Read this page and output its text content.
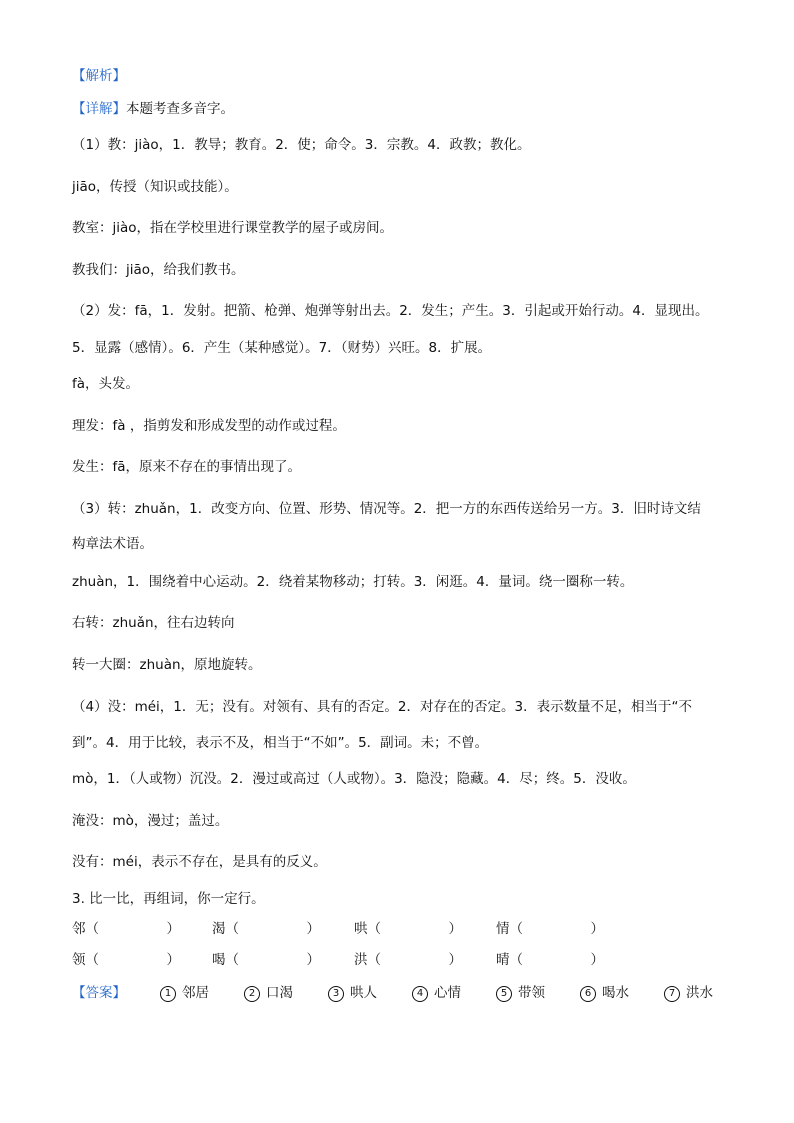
【解析】
【详解】本题考查多音字。
（1）教：jiào，1．教导；教育。2．使；命令。3．宗教。4．政教；教化。
jiāo，传授（知识或技能）。
教室：jiào，指在学校里进行课堂教学的屋子或房间。
教我们：jiāo，给我们教书。
（2）发：fā，1．发射。把箭、枪弹、炮弹等射出去。2．发生；产生。3．引起或开始行动。4．显现出。
5．显露（感情）。6．产生（某种感觉）。7．（财势）兴旺。8．扩展。
fà，头发。
理发：fà ，指剪发和形成发型的动作或过程。
发生：fā，原来不存在的事情出现了。
（3）转：zhuǎn，1．改变方向、位置、形势、情况等。2．把一方的东西传送给另一方。3．旧时诗文结
构章法术语。
zhuàn，1．围绕着中心运动。2．绕着某物移动；打转。3．闲逛。4．量词。绕一圈称一转。
右转：zhuǎn，往右边转向
转一大圈：zhuàn，原地旋转。
（4）没：méi，1．无；没有。对领有、具有的否定。2．对存在的否定。3．表示数量不足，相当于“不
到”。4．用于比较，表示不及，相当于“不如”。5．副词。未；不曾。
mò，1．（人或物）沉没。2．漫过或高过（人或物）。3．隐没；隐藏。4．尽；终。5．没收。
淹没：mò，漫过；盖过。
没有：méi，表示不存在，是具有的反义。
3. 比一比，再组词，你一定行。
邻（　　　　　） 渴（　　　　　）	哄（　　　　　）	情（　　　　　）
领（　　　　　） 喝（　　　　　）	洪（　　　　　）	晴（　　　　　）
【答案】	1 邻居	2 口渴	3 哄人	4 心情	5 带领	6 喝水	7 洪水
